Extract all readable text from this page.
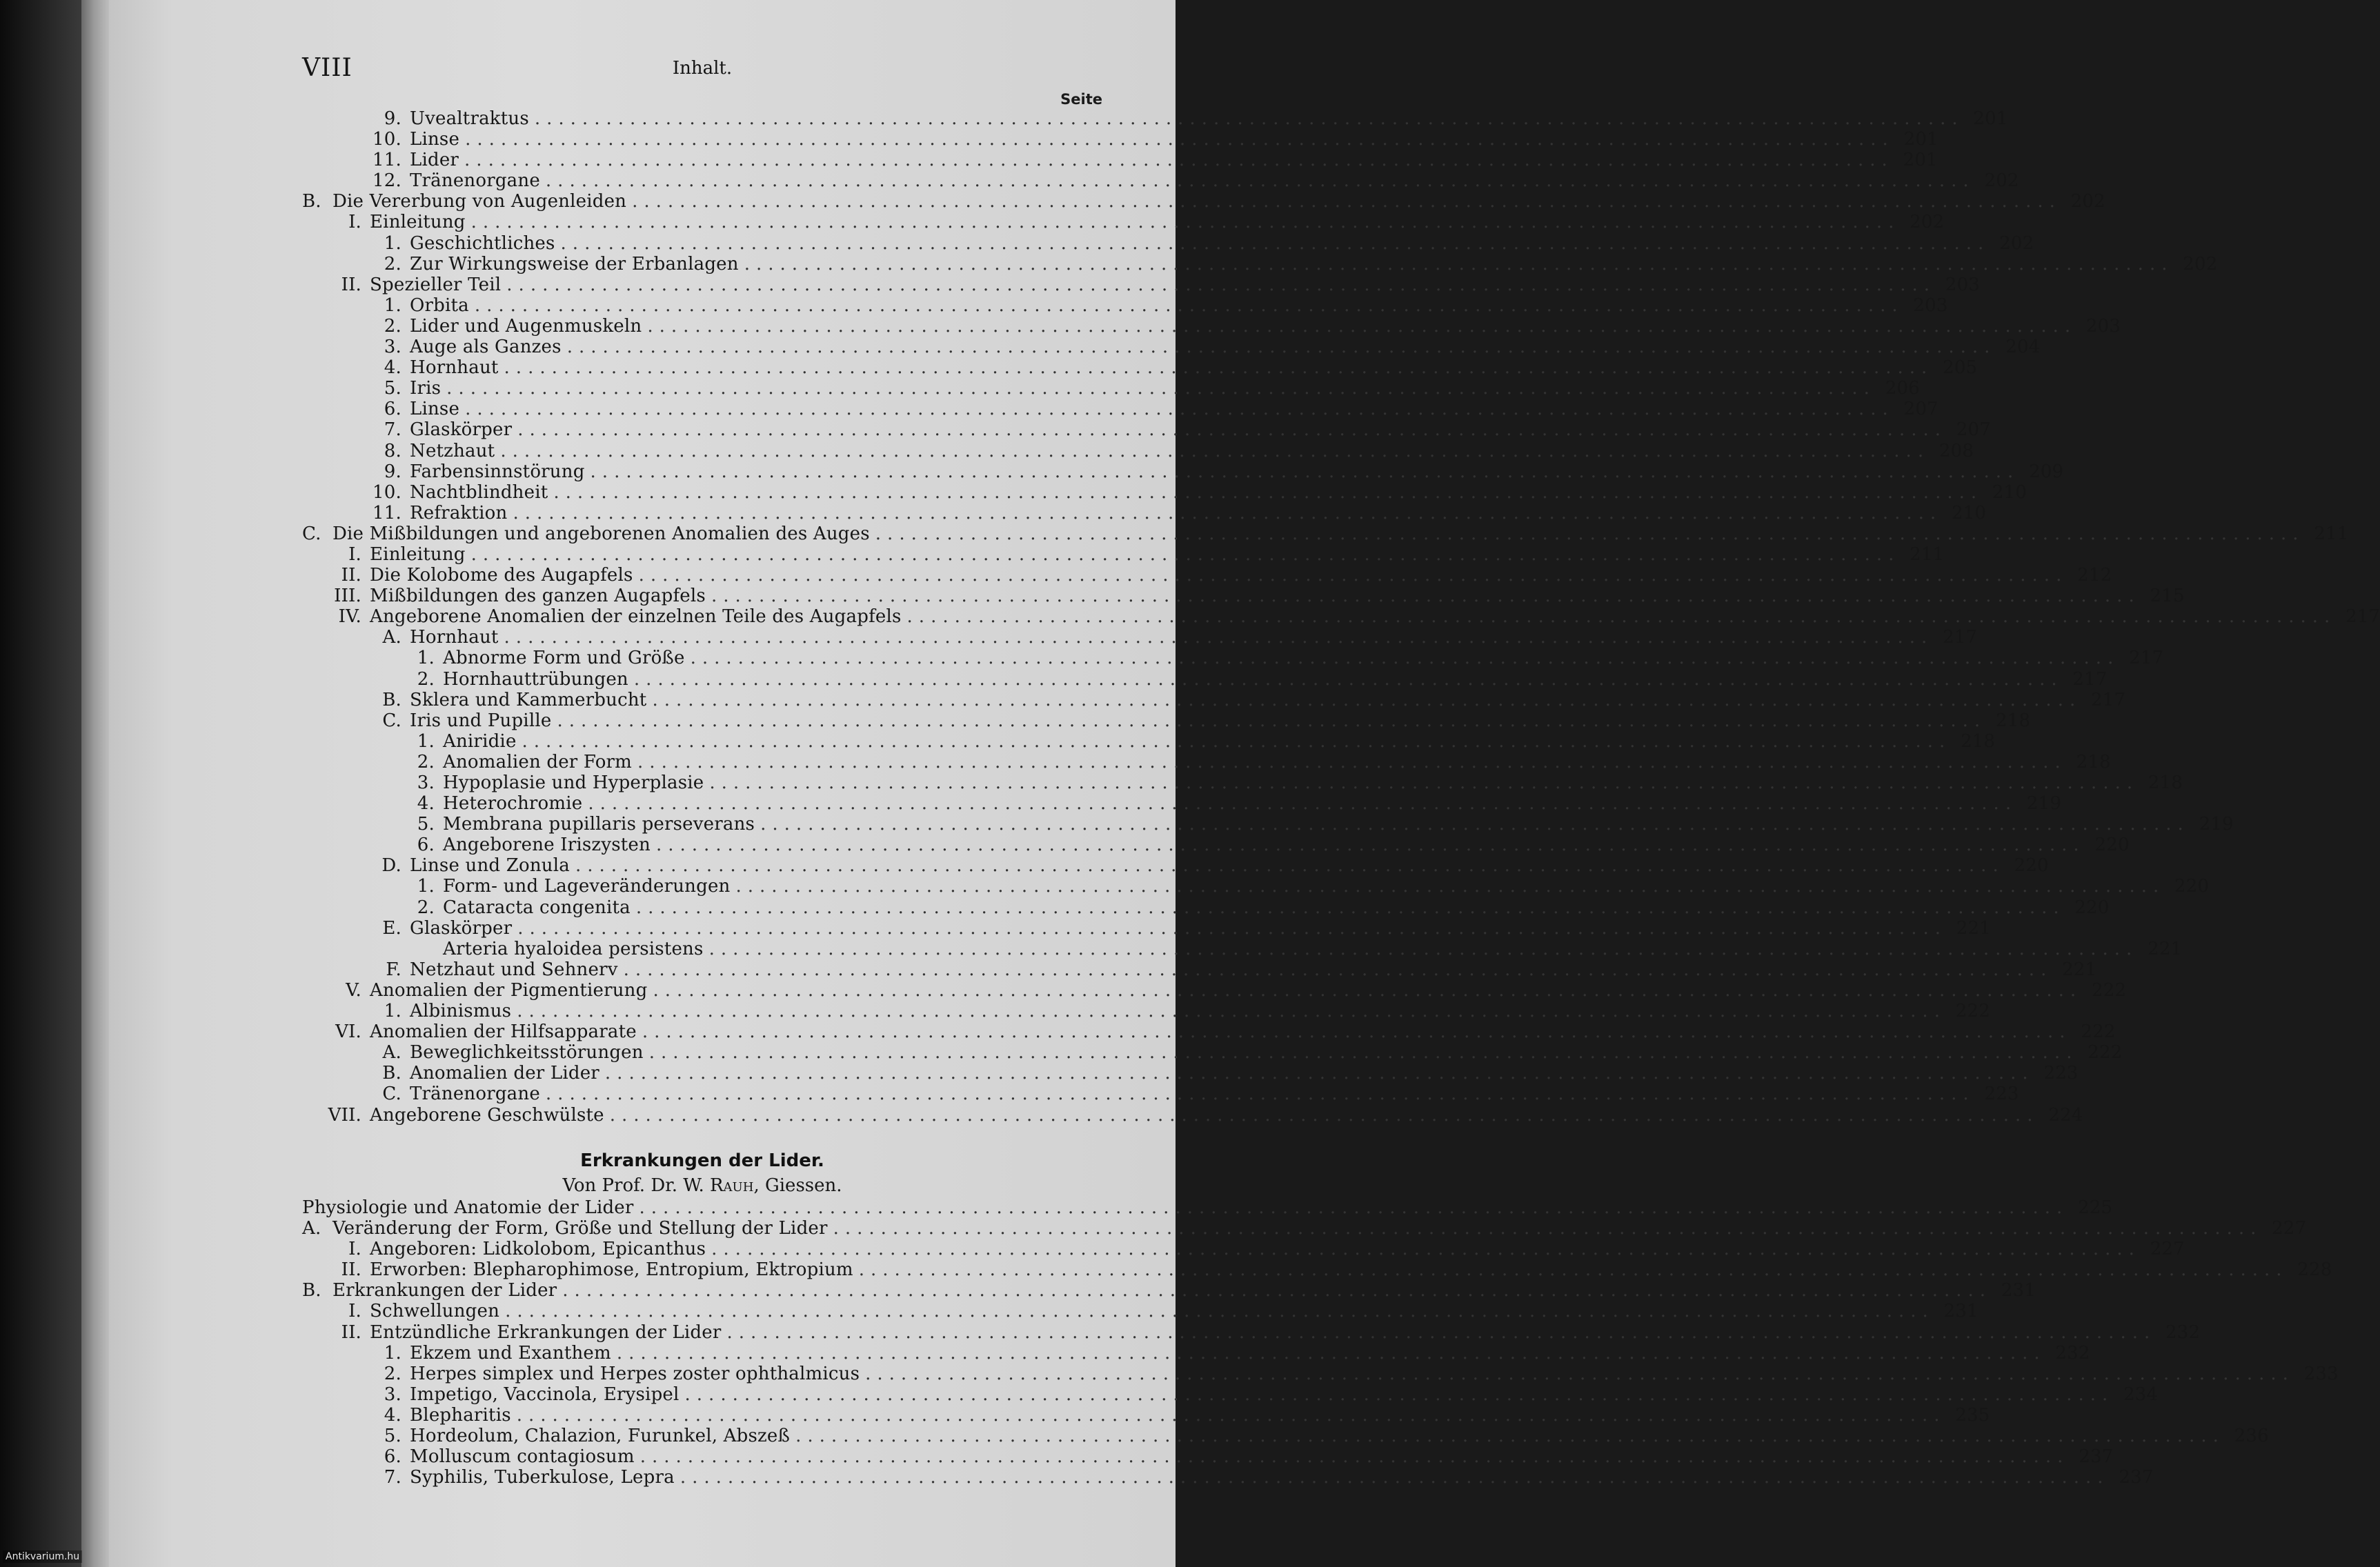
VIII	Inhalt.
Seite
9. Uvealtraktus ........................................................................................................................ 201
10. Linse ........................................................................................................................ 201
11. Lider ........................................................................................................................ 201
12. Tränenorgane ........................................................................................................................ 202
B. Die Vererbung von Augenleiden ........................................................................................................................ 202
I. Einleitung ........................................................................................................................ 202
1. Geschichtliches ........................................................................................................................ 202
2. Zur Wirkungsweise der Erbanlagen ........................................................................................................................ 202
II. Spezieller Teil ........................................................................................................................ 203
1. Orbita ........................................................................................................................ 203
2. Lider und Augenmuskeln ........................................................................................................................ 203
3. Auge als Ganzes ........................................................................................................................ 204
4. Hornhaut ........................................................................................................................ 205
5. Iris ........................................................................................................................ 206
6. Linse ........................................................................................................................ 207
7. Glaskörper ........................................................................................................................ 207
8. Netzhaut ........................................................................................................................ 208
9. Farbensinnstörung ........................................................................................................................ 209
10. Nachtblindheit ........................................................................................................................ 210
11. Refraktion ........................................................................................................................ 210
C. Die Mißbildungen und angeborenen Anomalien des Auges ........................................................................................................................ 211
I. Einleitung ........................................................................................................................ 211
II. Die Kolobome des Augapfels ........................................................................................................................ 212
III. Mißbildungen des ganzen Augapfels ........................................................................................................................ 215
IV. Angeborene Anomalien der einzelnen Teile des Augapfels ........................................................................................................................ 217
A. Hornhaut ........................................................................................................................ 217
1. Abnorme Form und Größe ........................................................................................................................ 217
2. Hornhauttrübungen ........................................................................................................................ 217
B. Sklera und Kammerbucht ........................................................................................................................ 217
C. Iris und Pupille ........................................................................................................................ 218
1. Aniridie ........................................................................................................................ 218
2. Anomalien der Form ........................................................................................................................ 218
3. Hypoplasie und Hyperplasie ........................................................................................................................ 218
4. Heterochromie ........................................................................................................................ 219
5. Membrana pupillaris perseverans ........................................................................................................................ 219
6. Angeborene Iriszysten ........................................................................................................................ 220
D. Linse und Zonula ........................................................................................................................ 220
1. Form- und Lageveränderungen ........................................................................................................................ 220
2. Cataracta congenita ........................................................................................................................ 220
E. Glaskörper ........................................................................................................................ 221
Arteria hyaloidea persistens ........................................................................................................................ 221
F. Netzhaut und Sehnerv ........................................................................................................................ 221
V. Anomalien der Pigmentierung ........................................................................................................................ 222
1. Albinismus ........................................................................................................................ 222
VI. Anomalien der Hilfsapparate ........................................................................................................................ 222
A. Beweglichkeitsstörungen ........................................................................................................................ 222
B. Anomalien der Lider ........................................................................................................................ 223
C. Tränenorgane ........................................................................................................................ 223
VII. Angeborene Geschwülste ........................................................................................................................ 224
Erkrankungen der Lider.
Von Prof. Dr. W. Rauh, Giessen.
Physiologie und Anatomie der Lider ........................................................................................................................ 225
A. Veränderung der Form, Größe und Stellung der Lider ........................................................................................................................ 227
I. Angeboren: Lidkolobom, Epicanthus ........................................................................................................................ 227
II. Erworben: Blepharophimose, Entropium, Ektropium ........................................................................................................................ 228
B. Erkrankungen der Lider ........................................................................................................................ 231
I. Schwellungen ........................................................................................................................ 231
II. Entzündliche Erkrankungen der Lider ........................................................................................................................ 232
1. Ekzem und Exanthem ........................................................................................................................ 232
2. Herpes simplex und Herpes zoster ophthalmicus ........................................................................................................................ 233
3. Impetigo, Vaccinola, Erysipel ........................................................................................................................ 234
4. Blepharitis ........................................................................................................................ 235
5. Hordeolum, Chalazion, Furunkel, Abszeß ........................................................................................................................ 236
6. Molluscum contagiosum ........................................................................................................................ 237
7. Syphilis, Tuberkulose, Lepra ........................................................................................................................ 237
Antikvarium.hu
